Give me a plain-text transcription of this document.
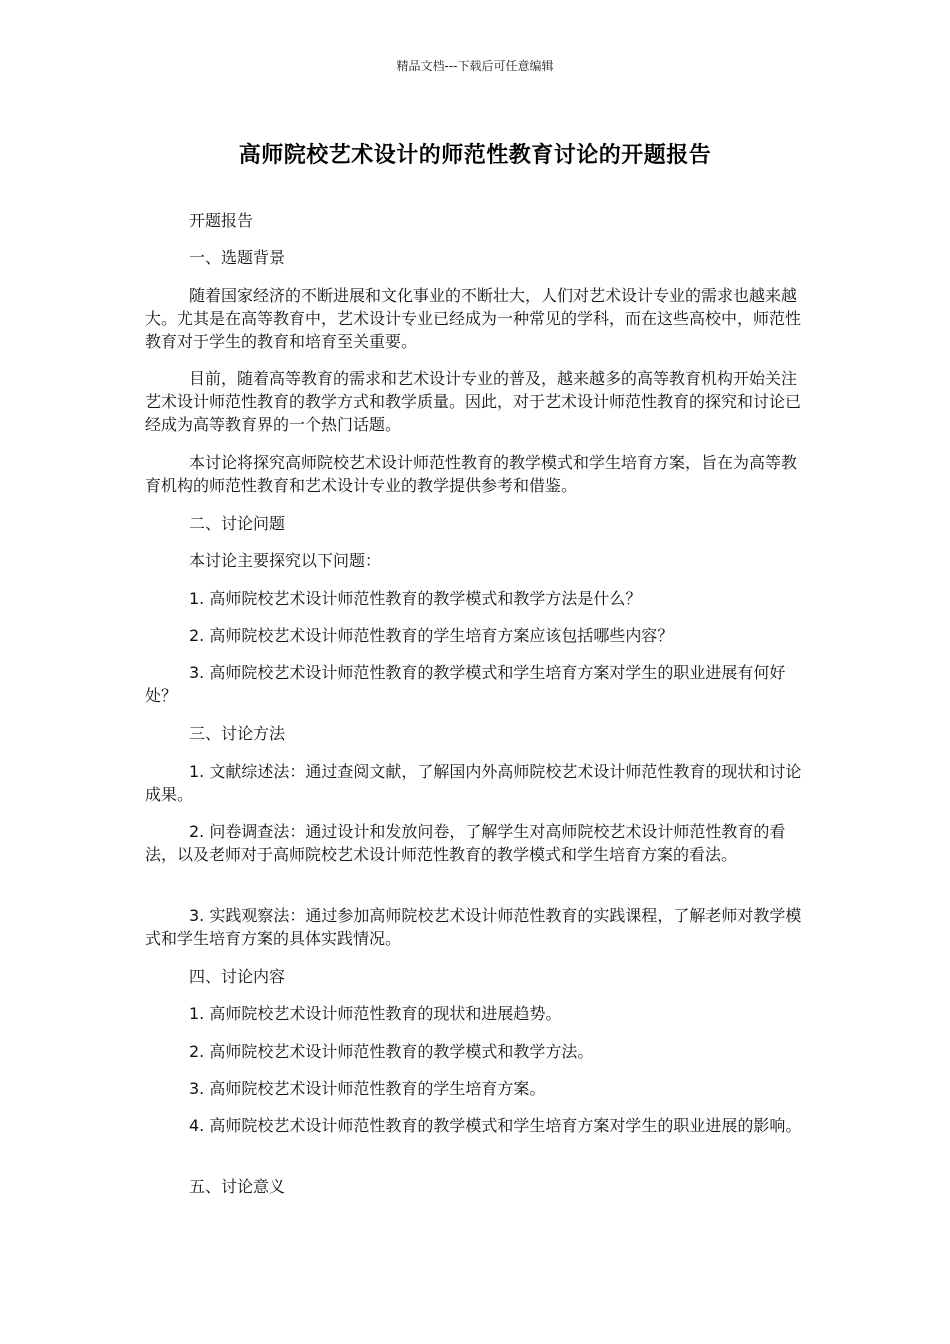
精品文档---下载后可任意编辑
高师院校艺术设计的师范性教育讨论的开题报告

开题报告

一、选题背景

随着国家经济的不断进展和文化事业的不断壮大，人们对艺术设计专业的需求也越来越大。尤其是在高等教育中，艺术设计专业已经成为一种常见的学科，而在这些高校中，师范性教育对于学生的教育和培育至关重要。

目前，随着高等教育的需求和艺术设计专业的普及，越来越多的高等教育机构开始关注艺术设计师范性教育的教学方式和教学质量。因此，对于艺术设计师范性教育的探究和讨论已经成为高等教育界的一个热门话题。

本讨论将探究高师院校艺术设计师范性教育的教学模式和学生培育方案，旨在为高等教育机构的师范性教育和艺术设计专业的教学提供参考和借鉴。

二、讨论问题

本讨论主要探究以下问题：

1. 高师院校艺术设计师范性教育的教学模式和教学方法是什么？

2. 高师院校艺术设计师范性教育的学生培育方案应该包括哪些内容？

3. 高师院校艺术设计师范性教育的教学模式和学生培育方案对学生的职业进展有何好处？

三、讨论方法

1. 文献综述法：通过查阅文献，了解国内外高师院校艺术设计师范性教育的现状和讨论成果。

2. 问卷调查法：通过设计和发放问卷，了解学生对高师院校艺术设计师范性教育的看法，以及老师对于高师院校艺术设计师范性教育的教学模式和学生培育方案的看法。

3. 实践观察法：通过参加高师院校艺术设计师范性教育的实践课程，了解老师对教学模式和学生培育方案的具体实践情况。

四、讨论内容

1. 高师院校艺术设计师范性教育的现状和进展趋势。

2. 高师院校艺术设计师范性教育的教学模式和教学方法。

3. 高师院校艺术设计师范性教育的学生培育方案。

4. 高师院校艺术设计师范性教育的教学模式和学生培育方案对学生的职业进展的影响。

五、讨论意义
